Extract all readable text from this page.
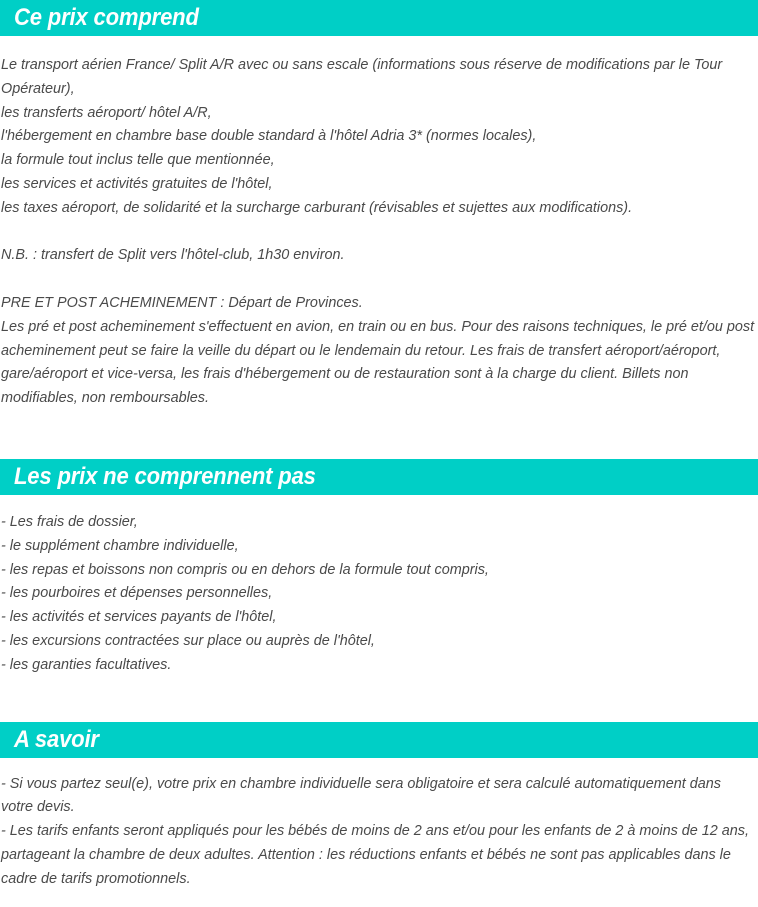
Ce prix comprend

Le transport aérien France/ Split A/R avec ou sans escale (informations sous réserve de modifications par le Tour Opérateur),

les transferts aéroport/ hôtel A/R,

l'hébergement en chambre base double standard à l'hôtel Adria 3* (normes locales),

la formule tout inclus telle que mentionnée,

les services et activités gratuites de l'hôtel,

les taxes aéroport, de solidarité et la surcharge carburant (révisables et sujettes aux modifications).

N.B. : transfert de Split vers l'hôtel-club, 1h30 environ.

PRE ET POST ACHEMINEMENT : Départ de Provinces.

Les pré et post acheminement s'effectuent en avion, en train ou en bus. Pour des raisons techniques, le pré et/ou post acheminement peut se faire la veille du départ ou le lendemain du retour. Les frais de transfert aéroport/aéroport, gare/aéroport et vice-versa, les frais d'hébergement ou de restauration sont à la charge du client. Billets non modifiables, non remboursables.

Les prix ne comprennent pas

- Les frais de dossier,

- le supplément chambre individuelle,

- les repas et boissons non compris ou en dehors de la formule tout compris,

- les pourboires et dépenses personnelles,

- les activités et services payants de l'hôtel,

- les excursions contractées sur place ou auprès de l'hôtel,

- les garanties facultatives.

A savoir

- Si vous partez seul(e), votre prix en chambre individuelle sera obligatoire et sera calculé automatiquement dans votre devis.

- Les tarifs enfants seront appliqués pour les bébés de moins de 2 ans et/ou pour les enfants de 2 à moins de 12 ans, partageant la chambre de deux adultes. Attention : les réductions enfants et bébés ne sont pas applicables dans le cadre de tarifs promotionnels.
